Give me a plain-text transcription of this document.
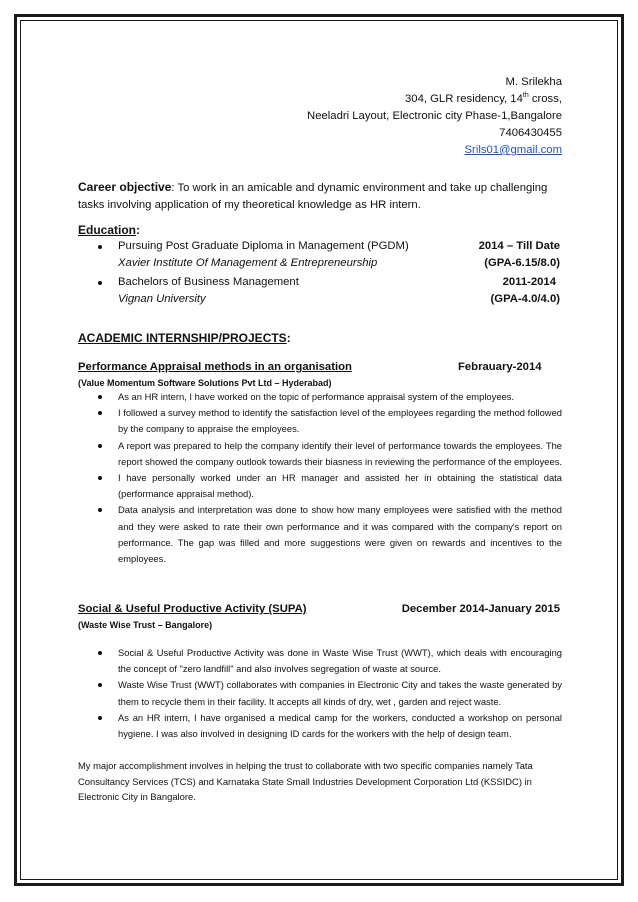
M. Srilekha
304, GLR residency, 14th cross,
Neeladri Layout, Electronic city Phase-1,Bangalore
7406430455
Srils01@gmail.com
Career objective: To work in an amicable and dynamic environment and take up challenging tasks involving application of my theoretical knowledge as HR intern.
Education:
Pursuing Post Graduate Diploma in Management (PGDM)	2014 – Till Date
Xavier Institute Of Management & Entrepreneurship	(GPA-6.15/8.0)
Bachelors of Business Management	2011-2014
Vignan University	(GPA-4.0/4.0)
ACADEMIC INTERNSHIP/PROJECTS:
Performance Appraisal methods in an organisation	Febrauary-2014
(Value Momentum Software Solutions Pvt Ltd – Hyderabad)
As an HR intern, I have worked on the topic of performance appraisal system of the employees.
I followed a survey method to identify the satisfaction level of the employees regarding the method followed by the company to appraise the employees.
A report was prepared to help the company identify their level of performance towards the employees. The report showed the company outlook towards their biasness in reviewing the performance of the employees.
I have personally worked under an HR manager and assisted her in obtaining the statistical data (performance appraisal method).
Data analysis and interpretation was done to show how many employees were satisfied with the method and they were asked to rate their own performance and it was compared with the company's report on performance. The gap was filled and more suggestions were given on rewards and incentives to the employees.
Social & Useful Productive Activity (SUPA)	December 2014-January 2015
(Waste Wise Trust – Bangalore)
Social & Useful Productive Activity was done in Waste Wise Trust (WWT), which deals with encouraging the concept of "zero landfill" and also involves segregation of waste at source.
Waste Wise Trust (WWT) collaborates with companies in Electronic City and takes the waste generated by them to recycle them in their facility. It accepts all kinds of dry, wet , garden and reject waste.
As an HR intern, I have organised a medical camp for the workers, conducted a workshop on personal hygiene. I was also involved in designing ID cards for the workers with the help of design team.
My major accomplishment involves in helping the trust to collaborate with two specific companies namely Tata Consultancy Services (TCS) and Karnataka State Small Industries Development Corporation Ltd (KSSIDC) in Electronic City in Bangalore.
